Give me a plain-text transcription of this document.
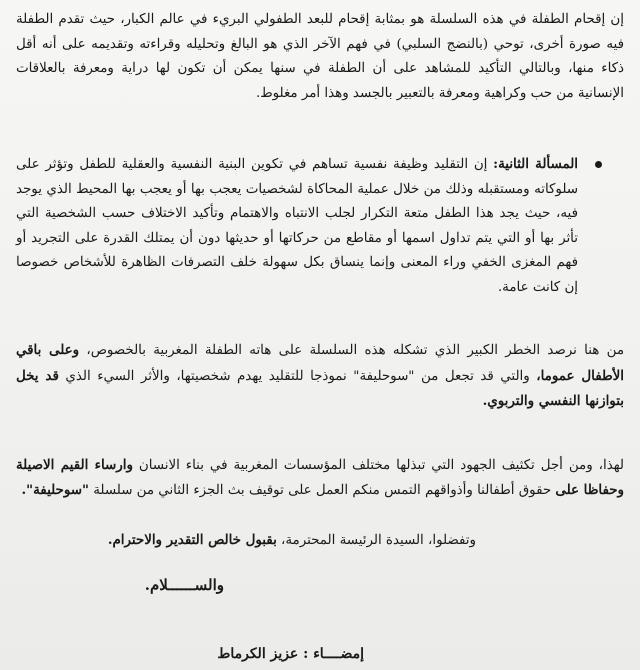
إن إقحام الطفلة في هذه السلسلة هو بمثابة إقحام للبعد الطفولي البريء في عالم الكبار، حيث تقدم الطفلة فيه صورة أخرى، توحي (بالنضج السلبي) في فهم الآخر الذي هو البالغ وتحليله وقراءته وتقديمه على أنه أقل ذكاء منها، وبالتالي التأكيد للمشاهد على أن الطفلة في سنها يمكن أن تكون لها دراية ومعرفة بالعلاقات الإنسانية من حب وكراهية ومعرفة بالتعبير بالجسد وهذا أمر مغلوط.

المسألة الثانية: إن التقليد وظيفة نفسية تساهم في تكوين البنية النفسية والعقلية للطفل وتؤثر على سلوكاته ومستقبله وذلك من خلال عملية المحاكاة لشخصيات يعجب بها أو يعجب بها المحيط الذي يوجد فيه، حيث يجد هذا الطفل متعة التكرار لجلب الانتباه والاهتمام وتأكيد الاختلاف حسب الشخصية التي تأثر بها أو التي يتم تداول اسمها أو مقاطع من حركاتها أو حديثها دون أن يمتلك القدرة على التجريد أو فهم المغزى الخفي وراء المعنى وإنما ينساق بكل سهولة خلف التصرفات الظاهرة للأشخاص خصوصا إن كانت عامة.

من هنا نرصد الخطر الكبير الذي تشكله هذه السلسلة على هاته الطفلة المغربية بالخصوص، وعلى باقي الأطفال عموما، والتي قد تجعل من "سوحليفة" نموذجا للتقليد يهدم شخصيتها، والأثر السيء الذي قد يخل بتوازنها النفسي والتربوي.

لهذا، ومن أجل تكثيف الجهود التي تبذلها مختلف المؤسسات المغربية في بناء الانسان وارساء القيم الاصيلة وحفاظا على حقوق أطفالنا وأذواقهم التمس منكم العمل على توقيف بث الجزء الثاني من سلسلة "سوحليفة".

وتفضلوا، السيدة الرئيسة المحترمة، بقبول خالص التقدير والاحترام.
والســــــلام.
إمضــــاء : عزيز الكرماط
